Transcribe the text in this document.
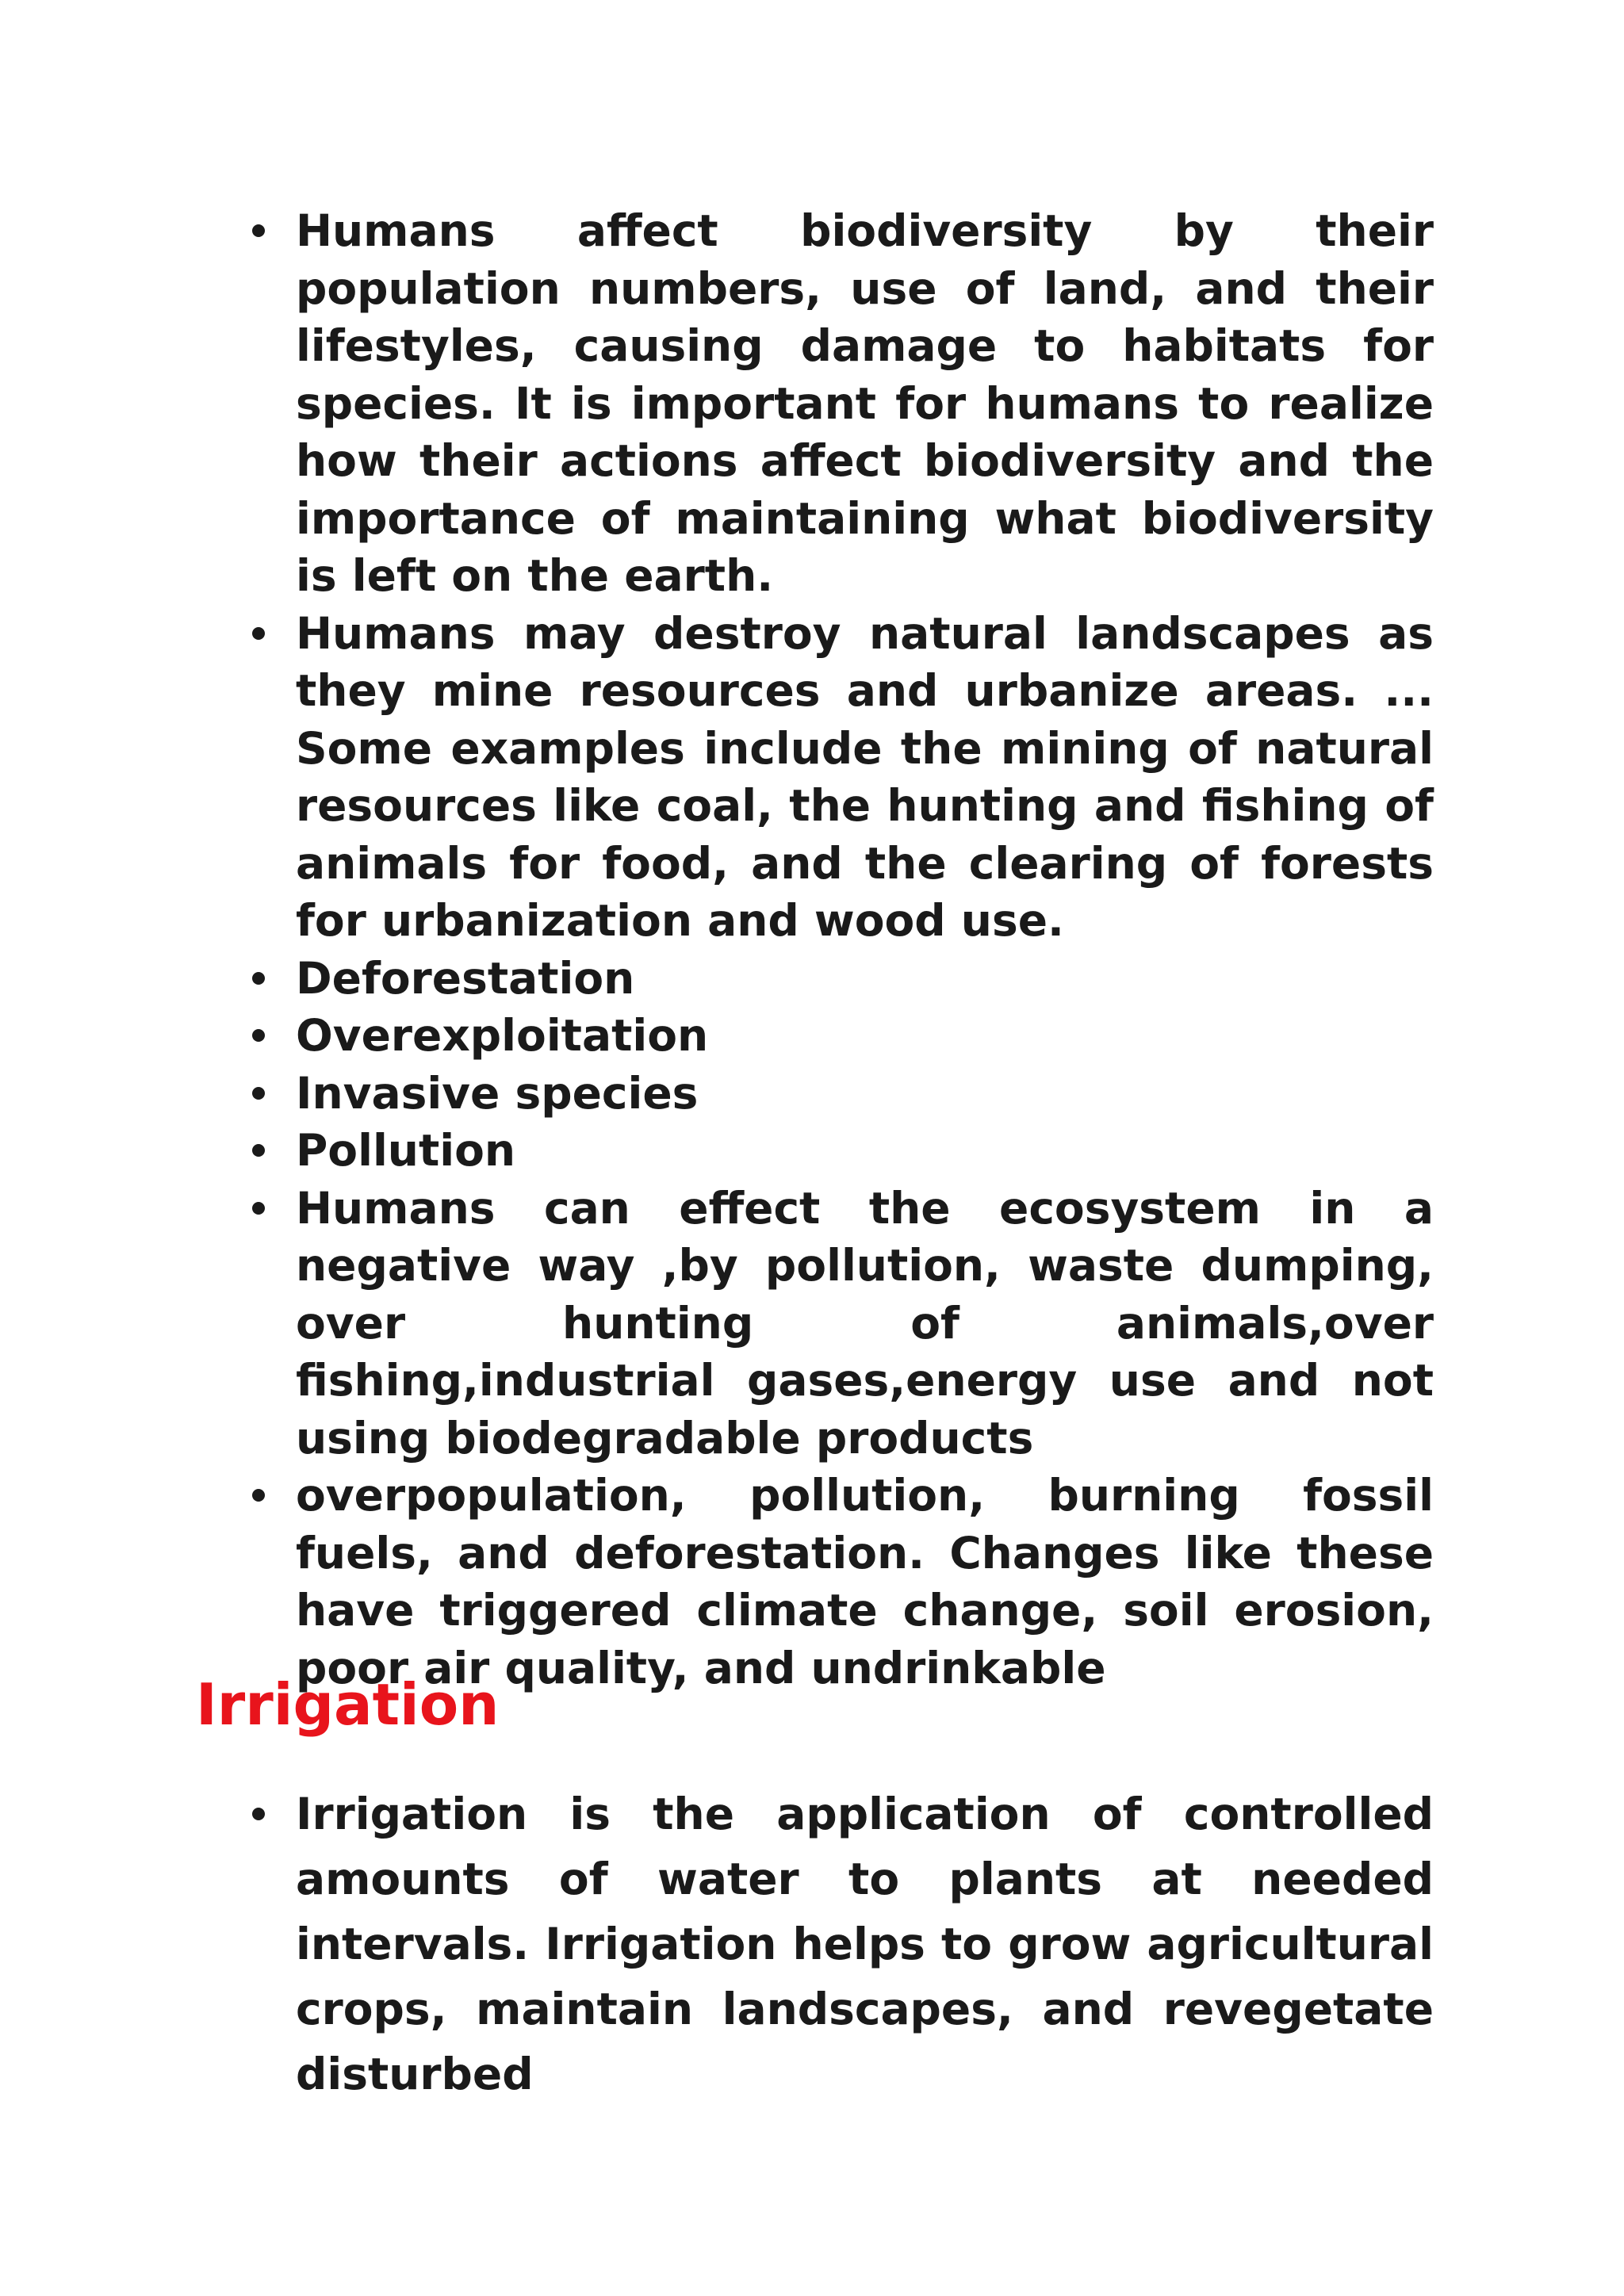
Humans affect biodiversity by their population numbers, use of land, and their lifestyles, causing damage to habitats for species. It is important for humans to realize how their actions affect biodiversity and the importance of maintaining what biodiversity is left on the earth.
Humans may destroy natural landscapes as they mine resources and urbanize areas. ... Some examples include the mining of natural resources like coal, the hunting and fishing of animals for food, and the clearing of forests for urbanization and wood use.
Deforestation
Overexploitation
Invasive species
Pollution
Humans can effect the ecosystem in a negative way ,by pollution, waste dumping, over hunting of animals,over fishing,industrial gases,energy use and not using biodegradable products
overpopulation, pollution, burning fossil fuels, and deforestation. Changes like these have triggered climate change, soil erosion, poor air quality, and undrinkable
Irrigation
Irrigation is the application of controlled amounts of water to plants at needed intervals. Irrigation helps to grow agricultural crops, maintain landscapes, and revegetate disturbed
